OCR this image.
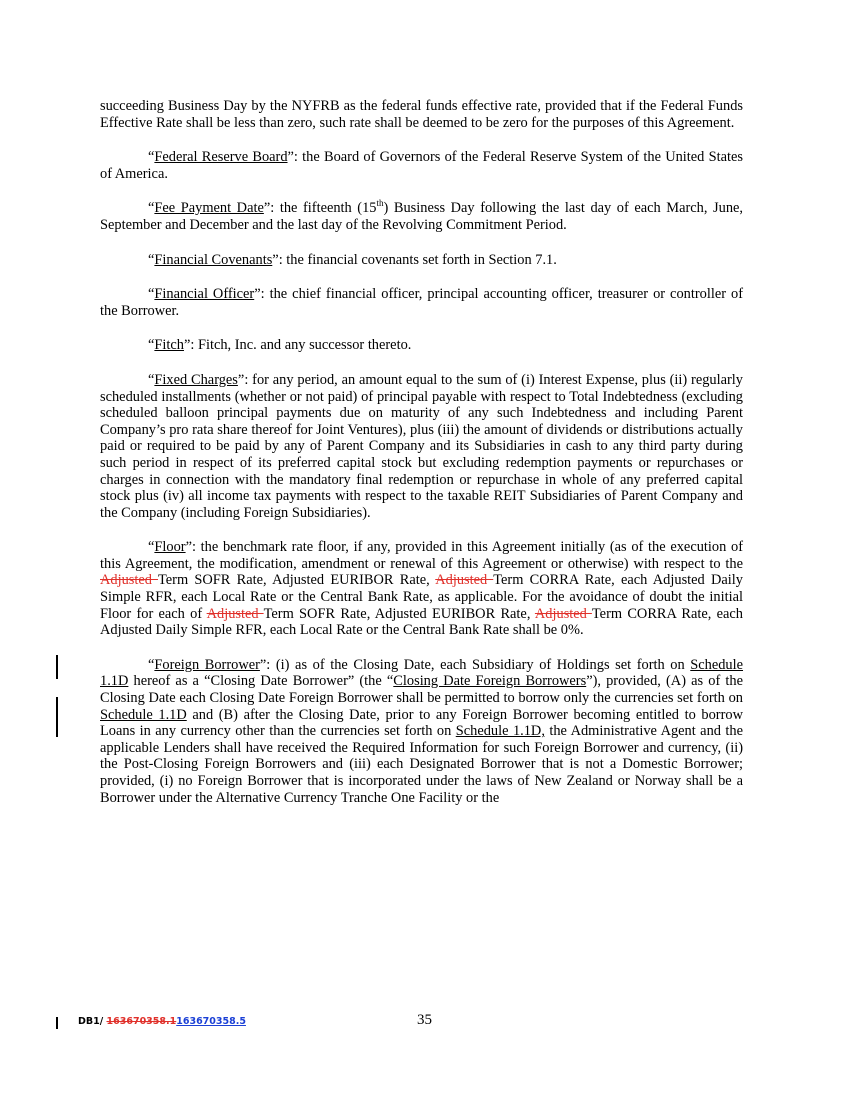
succeeding Business Day by the NYFRB as the federal funds effective rate, provided that if the Federal Funds Effective Rate shall be less than zero, such rate shall be deemed to be zero for the purposes of this Agreement.

“Federal Reserve Board”: the Board of Governors of the Federal Reserve System of the United States of America.

“Fee Payment Date”: the fifteenth (15th) Business Day following the last day of each March, June, September and December and the last day of the Revolving Commitment Period.

“Financial Covenants”: the financial covenants set forth in Section 7.1.

“Financial Officer”: the chief financial officer, principal accounting officer, treasurer or controller of the Borrower.

“Fitch”: Fitch, Inc. and any successor thereto.

“Fixed Charges”: for any period, an amount equal to the sum of (i) Interest Expense, plus (ii) regularly scheduled installments (whether or not paid) of principal payable with respect to Total Indebtedness (excluding scheduled balloon principal payments due on maturity of any such Indebtedness and including Parent Company’s pro rata share thereof for Joint Ventures), plus (iii) the amount of dividends or distributions actually paid or required to be paid by any of Parent Company and its Subsidiaries in cash to any third party during such period in respect of its preferred capital stock but excluding redemption payments or repurchases or charges in connection with the mandatory final redemption or repurchase in whole of any preferred capital stock plus (iv) all income tax payments with respect to the taxable REIT Subsidiaries of Parent Company and the Company (including Foreign Subsidiaries).

“Floor”: the benchmark rate floor, if any, provided in this Agreement initially (as of the execution of this Agreement, the modification, amendment or renewal of this Agreement or otherwise) with respect to the Adjusted Term SOFR Rate, Adjusted EURIBOR Rate, Adjusted Term CORRA Rate, each Adjusted Daily Simple RFR, each Local Rate or the Central Bank Rate, as applicable. For the avoidance of doubt the initial Floor for each of Adjusted Term SOFR Rate, Adjusted EURIBOR Rate, Adjusted Term CORRA Rate, each Adjusted Daily Simple RFR, each Local Rate or the Central Bank Rate shall be 0%.

“Foreign Borrower”: (i) as of the Closing Date, each Subsidiary of Holdings set forth on Schedule 1.1D hereof as a “Closing Date Borrower” (the “Closing Date Foreign Borrowers”), provided, (A) as of the Closing Date each Closing Date Foreign Borrower shall be permitted to borrow only the currencies set forth on Schedule 1.1D and (B) after the Closing Date, prior to any Foreign Borrower becoming entitled to borrow Loans in any currency other than the currencies set forth on Schedule 1.1D, the Administrative Agent and the applicable Lenders shall have received the Required Information for such Foreign Borrower and currency, (ii) the Post-Closing Foreign Borrowers and (iii) each Designated Borrower that is not a Domestic Borrower; provided, (i) no Foreign Borrower that is incorporated under the laws of New Zealand or Norway shall be a Borrower under the Alternative Currency Tranche One Facility or the

DB1/ 163670358.1163670358.5	35
